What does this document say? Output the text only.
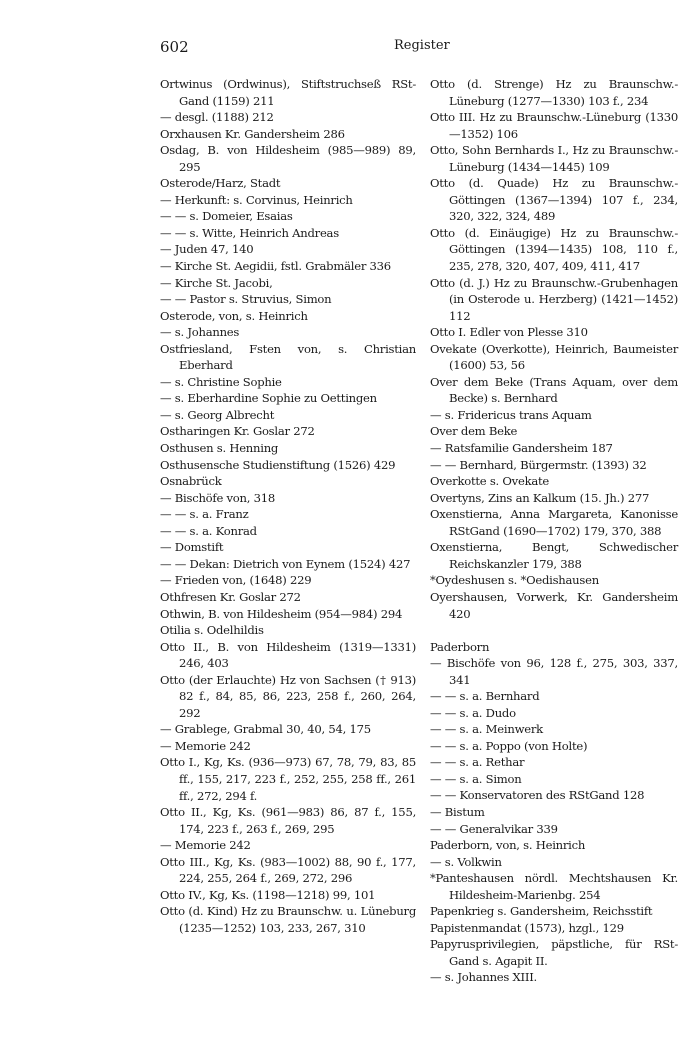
602	Register
Ortwinus (Ordwinus), Stiftstruchseß RSt-Gand (1159) 211
— desgl. (1188) 212
Orxhausen Kr. Gandersheim 286
Osdag, B. von Hildesheim (985—989) 89, 295
Osterode/Harz, Stadt
— Herkunft: s. Corvinus, Heinrich
— — s. Domeier, Esaias
— — s. Witte, Heinrich Andreas
— Juden 47, 140
— Kirche St. Aegidii, fstl. Grabmäler 336
— Kirche St. Jacobi,
— — Pastor s. Struvius, Simon
Osterode, von, s. Heinrich
— s. Johannes
Ostfriesland, Fsten von, s. Christian Eberhard
— s. Christine Sophie
— s. Eberhardine Sophie zu Oettingen
— s. Georg Albrecht
Ostharingen Kr. Goslar 272
Osthusen s. Henning
Osthusensche Studienstiftung (1526) 429
Osnabrück
— Bischöfe von, 318
— — s. a. Franz
— — s. a. Konrad
— Domstift
— — Dekan: Dietrich von Eynem (1524) 427
— Frieden von, (1648) 229
Othfresen Kr. Goslar 272
Othwin, B. von Hildesheim (954—984) 294
Otilia s. Odelhildis
Otto II., B. von Hildesheim (1319—1331) 246, 403
Otto (der Erlauchte) Hz von Sachsen († 913) 82 f., 84, 85, 86, 223, 258 f., 260, 264, 292
— Grablege, Grabmal 30, 40, 54, 175
— Memorie 242
Otto I., Kg, Ks. (936—973) 67, 78, 79, 83, 85 ff., 155, 217, 223 f., 252, 255, 258 ff., 261 ff., 272, 294 f.
Otto II., Kg, Ks. (961—983) 86, 87 f., 155, 174, 223 f., 263 f., 269, 295
— Memorie 242
Otto III., Kg, Ks. (983—1002) 88, 90 f., 177, 224, 255, 264 f., 269, 272, 296
Otto IV., Kg, Ks. (1198—1218) 99, 101
Otto (d. Kind) Hz zu Braunschw. u. Lüneburg (1235—1252) 103, 233, 267, 310
Otto (d. Strenge) Hz zu Braunschw.-Lüneburg (1277—1330) 103 f., 234
Otto III. Hz zu Braunschw.-Lüneburg (1330—1352) 106
Otto, Sohn Bernhards I., Hz zu Braunschw.-Lüneburg (1434—1445) 109
Otto (d. Quade) Hz zu Braunschw.-Göttingen (1367—1394) 107 f., 234, 320, 322, 324, 489
Otto (d. Einäugige) Hz zu Braunschw.-Göttingen (1394—1435) 108, 110 f., 235, 278, 320, 407, 409, 411, 417
Otto (d. J.) Hz zu Braunschw.-Grubenhagen (in Osterode u. Herzberg) (1421—1452) 112
Otto I. Edler von Plesse 310
Ovekate (Overkotte), Heinrich, Baumeister (1600) 53, 56
Over dem Beke (Trans Aquam, over dem Becke) s. Bernhard
— s. Fridericus trans Aquam
Over dem Beke
— Ratsfamilie Gandersheim 187
— — Bernhard, Bürgermstr. (1393) 32
Overkotte s. Ovekate
Overtyns, Zins an Kalkum (15. Jh.) 277
Oxenstierna, Anna Margareta, Kanonisse RStGand (1690—1702) 179, 370, 388
Oxenstierna, Bengt, Schwedischer Reichskanzler 179, 388
*Oydeshusen s. *Oedishausen
Oyershausen, Vorwerk, Kr. Gandersheim 420
Paderborn
— Bischöfe von 96, 128 f., 275, 303, 337, 341
— — s. a. Bernhard
— — s. a. Dudo
— — s. a. Meinwerk
— — s. a. Poppo (von Holte)
— — s. a. Rethar
— — s. a. Simon
— — Konservatoren des RStGand 128
— Bistum
— — Generalvikar 339
Paderborn, von, s. Heinrich
— s. Volkwin
*Panteshausen nördl. Mechtshausen Kr. Hildesheim-Marienbg. 254
Papenkrieg s. Gandersheim, Reichsstift
Papistenmandat (1573), hzgl., 129
Papyrusprivilegien, päpstliche, für RSt-Gand s. Agapit II.
— s. Johannes XIII.
